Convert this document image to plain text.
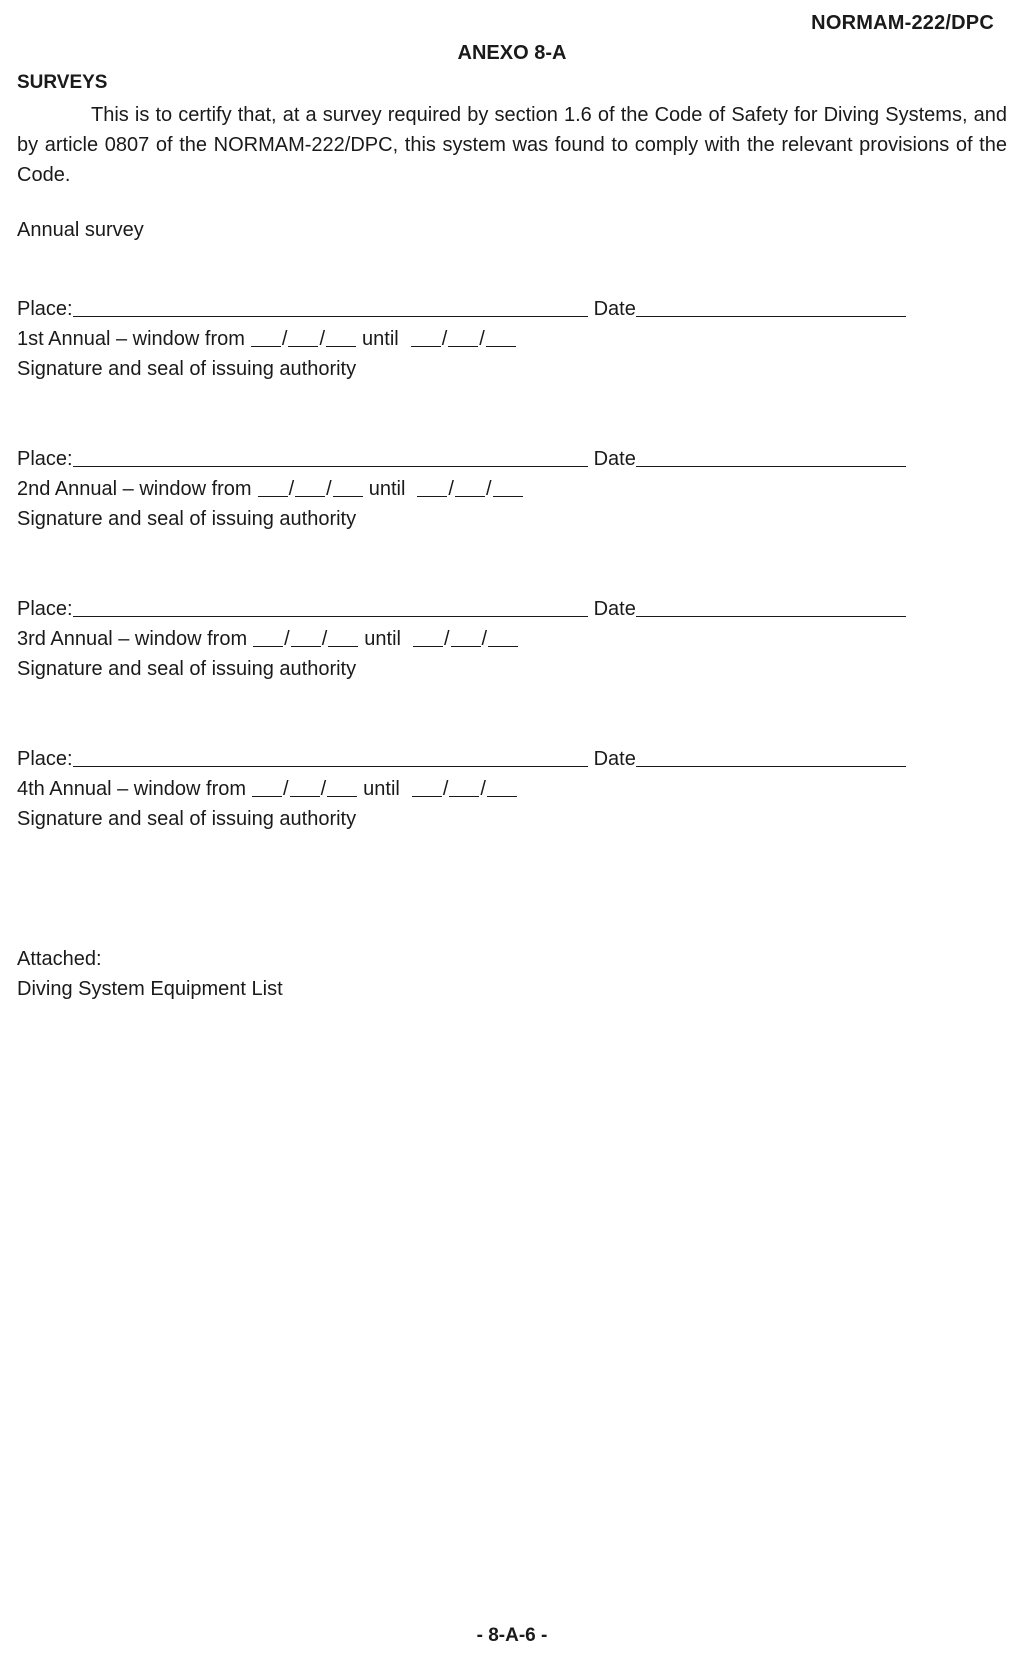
NORMAM-222/DPC
ANEXO 8-A
SURVEYS
This is to certify that, at a survey required by section 1.6 of the Code of Safety for Diving Systems, and by article 0807 of the NORMAM-222/DPC, this system was found to comply with the relevant provisions of the Code.
Annual survey
Place:	Date
1st Annual – window from / / until / /
Signature and seal of issuing authority
Place:	Date
2nd Annual – window from / / until / /
Signature and seal of issuing authority
Place:	Date
3rd Annual – window from / / until / /
Signature and seal of issuing authority
Place:	Date
4th Annual – window from / / until / /
Signature and seal of issuing authority
Attached:
Diving System Equipment List
- 8-A-6 -
